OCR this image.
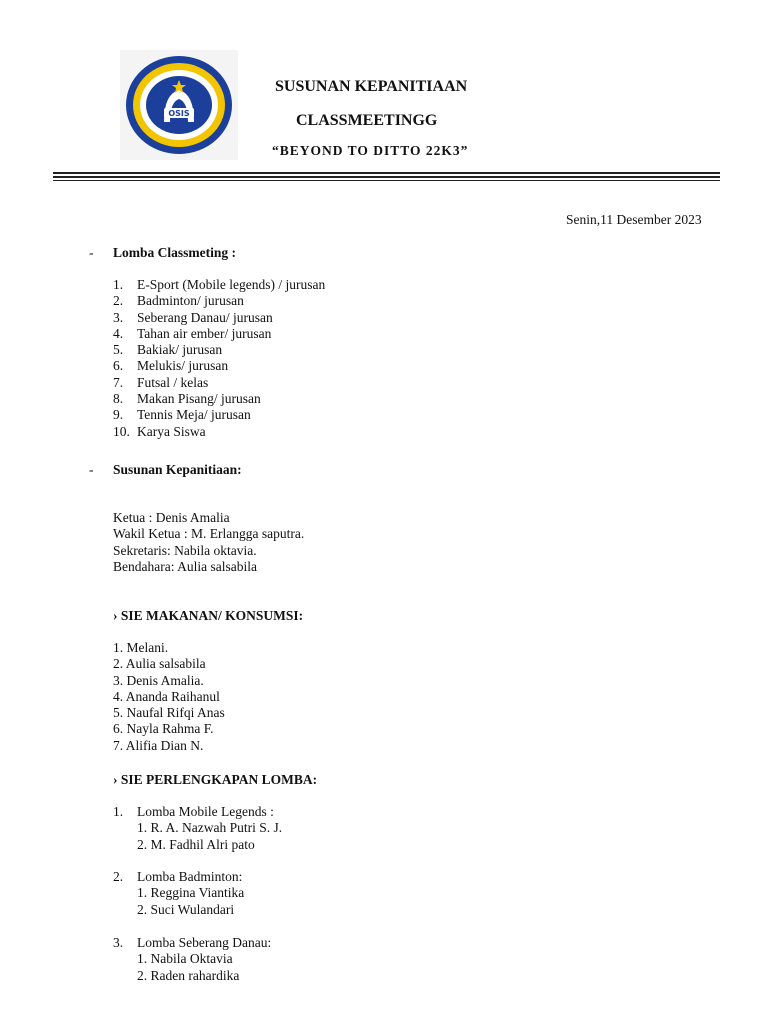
OSIS
SUSUNAN KEPANITIAAN
CLASSMEETINGG
“BEYOND TO DITTO 22K3”
Senin,11 Desember 2023
- Lomba Classmeting :
1. E-Sport (Mobile legends) / jurusan
2. Badminton/ jurusan
3. Seberang Danau/ jurusan
4. Tahan air ember/ jurusan
5. Bakiak/ jurusan
6. Melukis/ jurusan
7. Futsal / kelas
8. Makan Pisang/ jurusan
9. Tennis Meja/ jurusan
10. Karya Siswa
- Susunan Kepanitiaan:
Ketua : Denis Amalia
Wakil Ketua : M. Erlangga saputra.
Sekretaris: Nabila oktavia.
Bendahara: Aulia salsabila
› SIE MAKANAN/ KONSUMSI:
1. Melani.
2. Aulia salsabila
3. Denis Amalia.
4. Ananda Raihanul
5. Naufal Rifqi Anas
6. Nayla Rahma F.
7. Alifia Dian N.
› SIE PERLENGKAPAN LOMBA:
1. Lomba Mobile Legends :
1. R. A. Nazwah Putri S. J.
2. M. Fadhil Alri pato
2. Lomba Badminton:
1. Reggina Viantika
2. Suci Wulandari
3. Lomba Seberang Danau:
1. Nabila Oktavia
2. Raden rahardika
